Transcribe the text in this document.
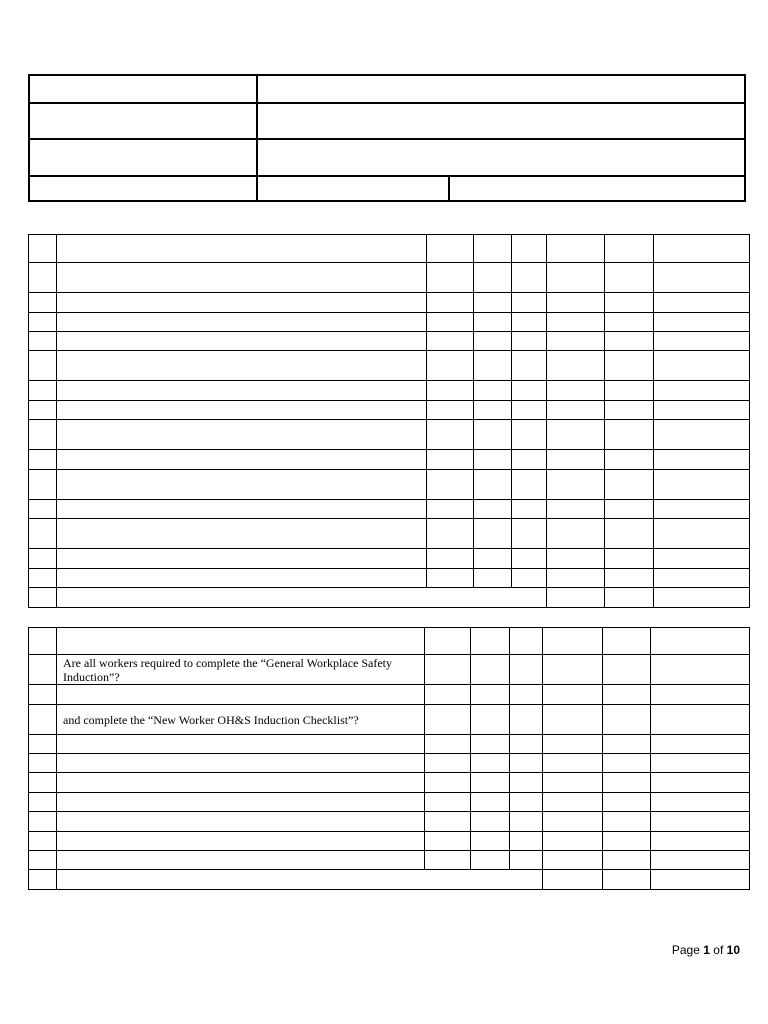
	Are all workers required to complete the “General Workplace Safety Induction”?						

	and complete the “New Worker OH&S Induction Checklist”?						

Page 1 of 10
